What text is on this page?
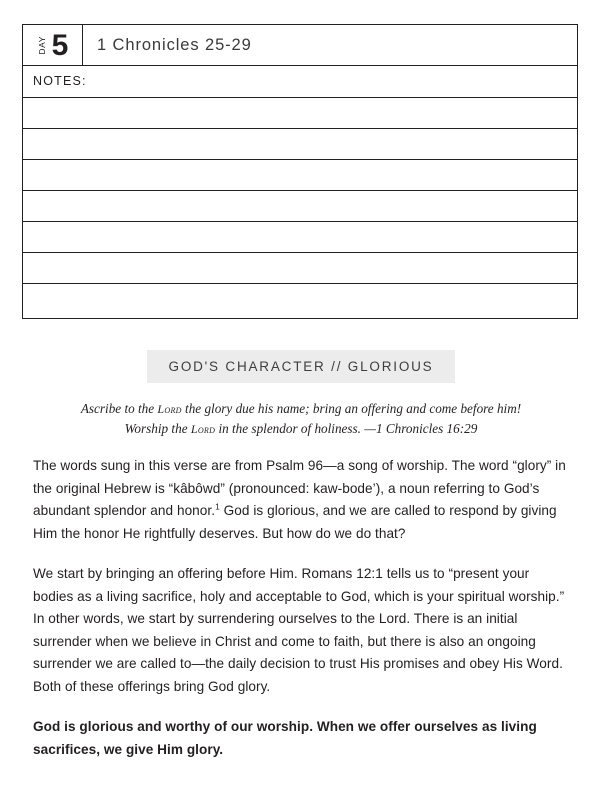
DAY 5	1 Chronicles 25-29
NOTES:
GOD'S CHARACTER // GLORIOUS
Ascribe to the Lord the glory due his name; bring an offering and come before him! Worship the Lord in the splendor of holiness. —1 Chronicles 16:29

The words sung in this verse are from Psalm 96—a song of worship. The word “glory” in the original Hebrew is “kâbôwd” (pronounced: kaw-bode’), a noun referring to God’s abundant splendor and honor.$^1$ God is glorious, and we are called to respond by giving Him the honor He rightfully deserves. But how do we do that?

We start by bringing an offering before Him. Romans 12:1 tells us to “present your bodies as a living sacrifice, holy and acceptable to God, which is your spiritual worship.” In other words, we start by surrendering ourselves to the Lord. There is an initial surrender when we believe in Christ and come to faith, but there is also an ongoing surrender we are called to—the daily decision to trust His promises and obey His Word. Both of these offerings bring God glory.

God is glorious and worthy of our worship. When we offer ourselves as living sacrifices, we give Him glory.
